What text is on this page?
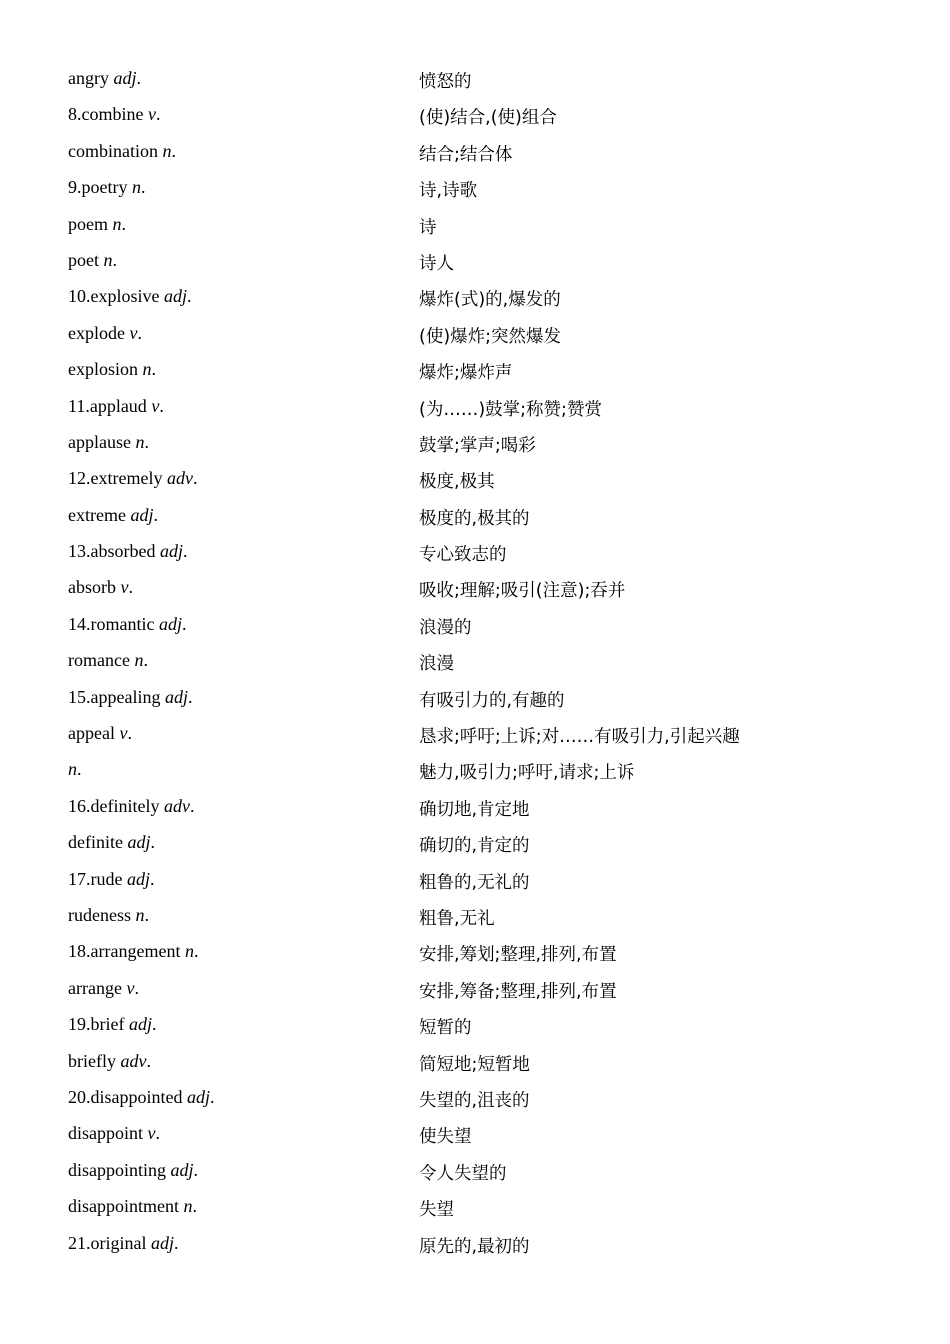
angry adj.	愤怒的
8.combine v.	(使)结合,(使)组合
combination n.	结合;结合体
9.poetry n.	诗,诗歌
poem n.	诗
poet n.	诗人
10.explosive adj.	爆炸(式)的,爆发的
explode v.	(使)爆炸;突然爆发
explosion n.	爆炸;爆炸声
11.applaud v.	(为……)鼓掌;称赞;赞赏
applause n.	鼓掌;掌声;喝彩
12.extremely adv.	极度,极其
extreme adj.	极度的,极其的
13.absorbed adj.	专心致志的
absorb v.	吸收;理解;吸引(注意);吞并
14.romantic adj.	浪漫的
romance n.	浪漫
15.appealing adj.	有吸引力的,有趣的
appeal v.	恳求;呼吁;上诉;对……有吸引力,引起兴趣
n.	魅力,吸引力;呼吁,请求;上诉
16.definitely adv.	确切地,肯定地
definite adj.	确切的,肯定的
17.rude adj.	粗鲁的,无礼的
rudeness n.	粗鲁,无礼
18.arrangement n.	安排,筹划;整理,排列,布置
arrange v.	安排,筹备;整理,排列,布置
19.brief adj.	短暂的
briefly adv.	简短地;短暂地
20.disappointed adj.	失望的,沮丧的
disappoint v.	使失望
disappointing adj.	令人失望的
disappointment n.	失望
21.original adj.	原先的,最初的
